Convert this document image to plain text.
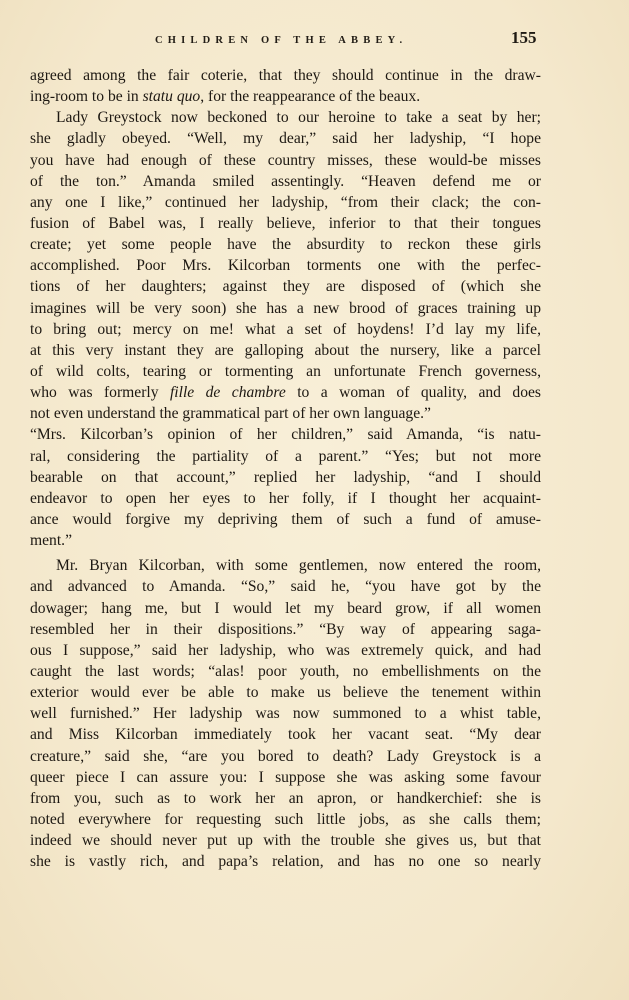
CHILDREN OF THE ABBEY.	155
agreed among the fair coterie, that they should continue in the draw-
ing-room to be in statu quo, for the reappearance of the beaux.
Lady Greystock now beckoned to our heroine to take a seat by her;
she gladly obeyed. “Well, my dear,” said her ladyship, “I hope
you have had enough of these country misses, these would-be misses
of the ton.” Amanda smiled assentingly. “Heaven defend me or
any one I like,” continued her ladyship, “from their clack; the con-
fusion of Babel was, I really believe, inferior to that their tongues
create; yet some people have the absurdity to reckon these girls
accomplished. Poor Mrs. Kilcorban torments one with the perfec-
tions of her daughters; against they are disposed of (which she
imagines will be very soon) she has a new brood of graces training up
to bring out; mercy on me! what a set of hoydens! I’d lay my life,
at this very instant they are galloping about the nursery, like a parcel
of wild colts, tearing or tormenting an unfortunate French governess,
who was formerly fille de chambre to a woman of quality, and does
not even understand the grammatical part of her own language.”
“Mrs. Kilcorban’s opinion of her children,” said Amanda, “is natu-
ral, considering the partiality of a parent.” “Yes; but not more
bearable on that account,” replied her ladyship, “and I should
endeavor to open her eyes to her folly, if I thought her acquaint-
ance would forgive my depriving them of such a fund of amuse-
ment.”
Mr. Bryan Kilcorban, with some gentlemen, now entered the room,
and advanced to Amanda. “So,” said he, “you have got by the
dowager; hang me, but I would let my beard grow, if all women
resembled her in their dispositions.” “By way of appearing saga-
ous I suppose,” said her ladyship, who was extremely quick, and had
caught the last words; “alas! poor youth, no embellishments on the
exterior would ever be able to make us believe the tenement within
well furnished.” Her ladyship was now summoned to a whist table,
and Miss Kilcorban immediately took her vacant seat. “My dear
creature,” said she, “are you bored to death? Lady Greystock is a
queer piece I can assure you: I suppose she was asking some favour
from you, such as to work her an apron, or handkerchief: she is
noted everywhere for requesting such little jobs, as she calls them;
indeed we should never put up with the trouble she gives us, but that
she is vastly rich, and papa’s relation, and has no one so nearly
